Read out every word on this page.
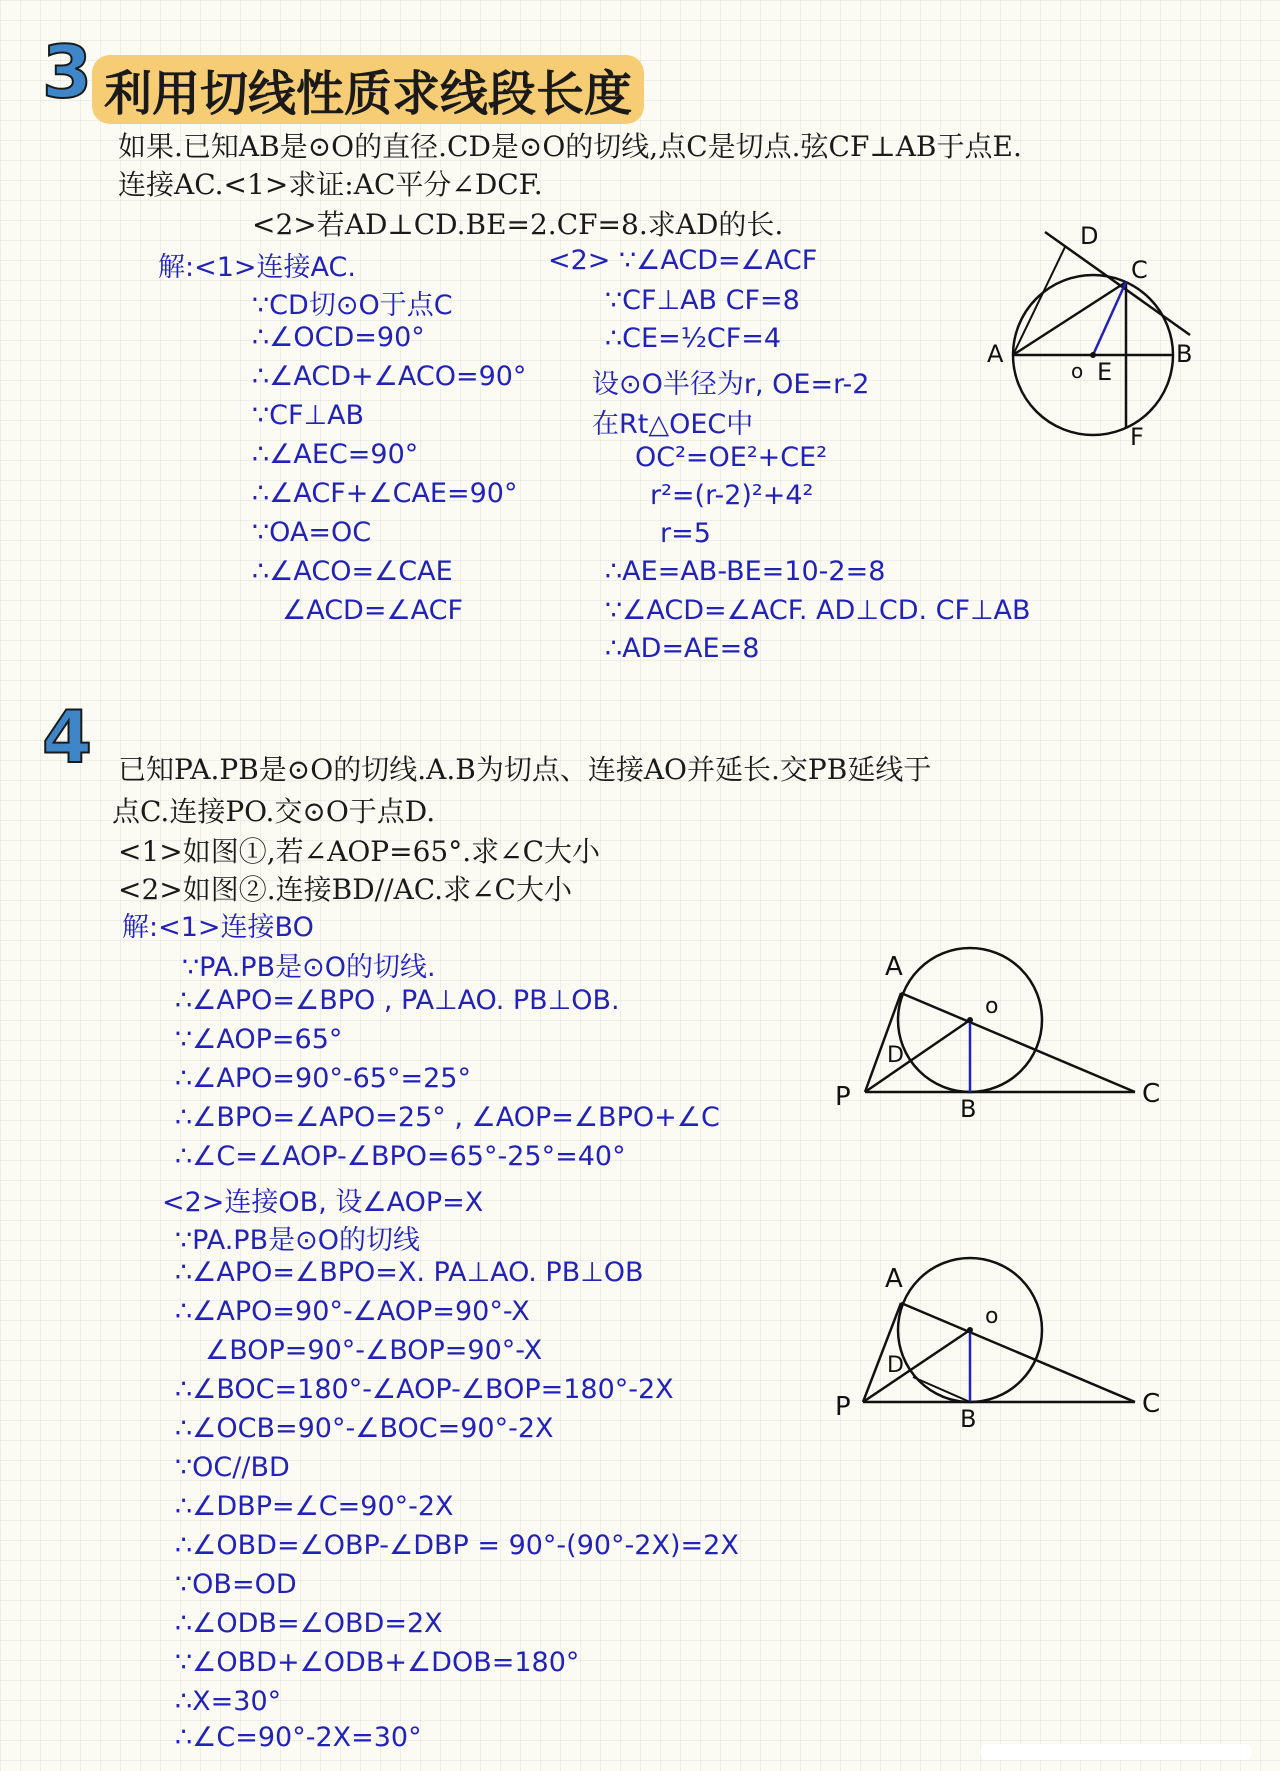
3 利用切线性质求线段长度
如果.已知AB是⊙O的直径.CD是⊙O的切线,点C是切点.弦CF⊥AB于点E.
连接AC.<1>求证:AC平分∠DCF.
<2>若AD⊥CD.BE=2.CF=8.求AD的长.
解:<1>连接AC.
∵CD切⊙O于点C
∴∠OCD=90°
∴∠ACD+∠ACO=90°
∵CF⊥AB
∴∠AEC=90°
∴∠ACF+∠CAE=90°
∵OA=OC
∴∠ACO=∠CAE
∠ACD=∠ACF
<2> ∵∠ACD=∠ACF
∵CF⊥AB CF=8
∴CE=½CF=4
设⊙O半径为r, OE=r-2
在Rt△OEC中
OC²=OE²+CE²
r²=(r-2)²+4²
r=5
∴AE=AB-BE=10-2=8
∵∠ACD=∠ACF. AD⊥CD. CF⊥AB
∴AD=AE=8
D
C
A
o E
B
F
4 已知PA.PB是⊙O的切线.A.B为切点、连接AO并延长.交PB延线于
点C.连接PO.交⊙O于点D.
<1>如图①,若∠AOP=65°.求∠C大小
<2>如图②.连接BD//AC.求∠C大小
解:<1>连接BO
∵PA.PB是⊙O的切线.
∴∠APO=∠BPO , PA⊥AO. PB⊥OB.
∵∠AOP=65°
∴∠APO=90°-65°=25°
∴∠BPO=∠APO=25° , ∠AOP=∠BPO+∠C
∴∠C=∠AOP-∠BPO=65°-25°=40°
<2>连接OB, 设∠AOP=X
∵PA.PB是⊙O的切线
∴∠APO=∠BPO=X. PA⊥AO. PB⊥OB
∴∠APO=90°-∠AOP=90°-X
∠BOP=90°-∠BOP=90°-X
∴∠BOC=180°-∠AOP-∠BOP=180°-2X
∴∠OCB=90°-∠BOC=90°-2X
∵OC//BD
∴∠DBP=∠C=90°-2X
∴∠OBD=∠OBP-∠DBP = 90°-(90°-2X)=2X
∵OB=OD
∴∠ODB=∠OBD=2X
∵∠OBD+∠ODB+∠DOB=180°
∴X=30°
∴∠C=90°-2X=30°
A
o
D
P	B	C
A
o
D
P	B	C
